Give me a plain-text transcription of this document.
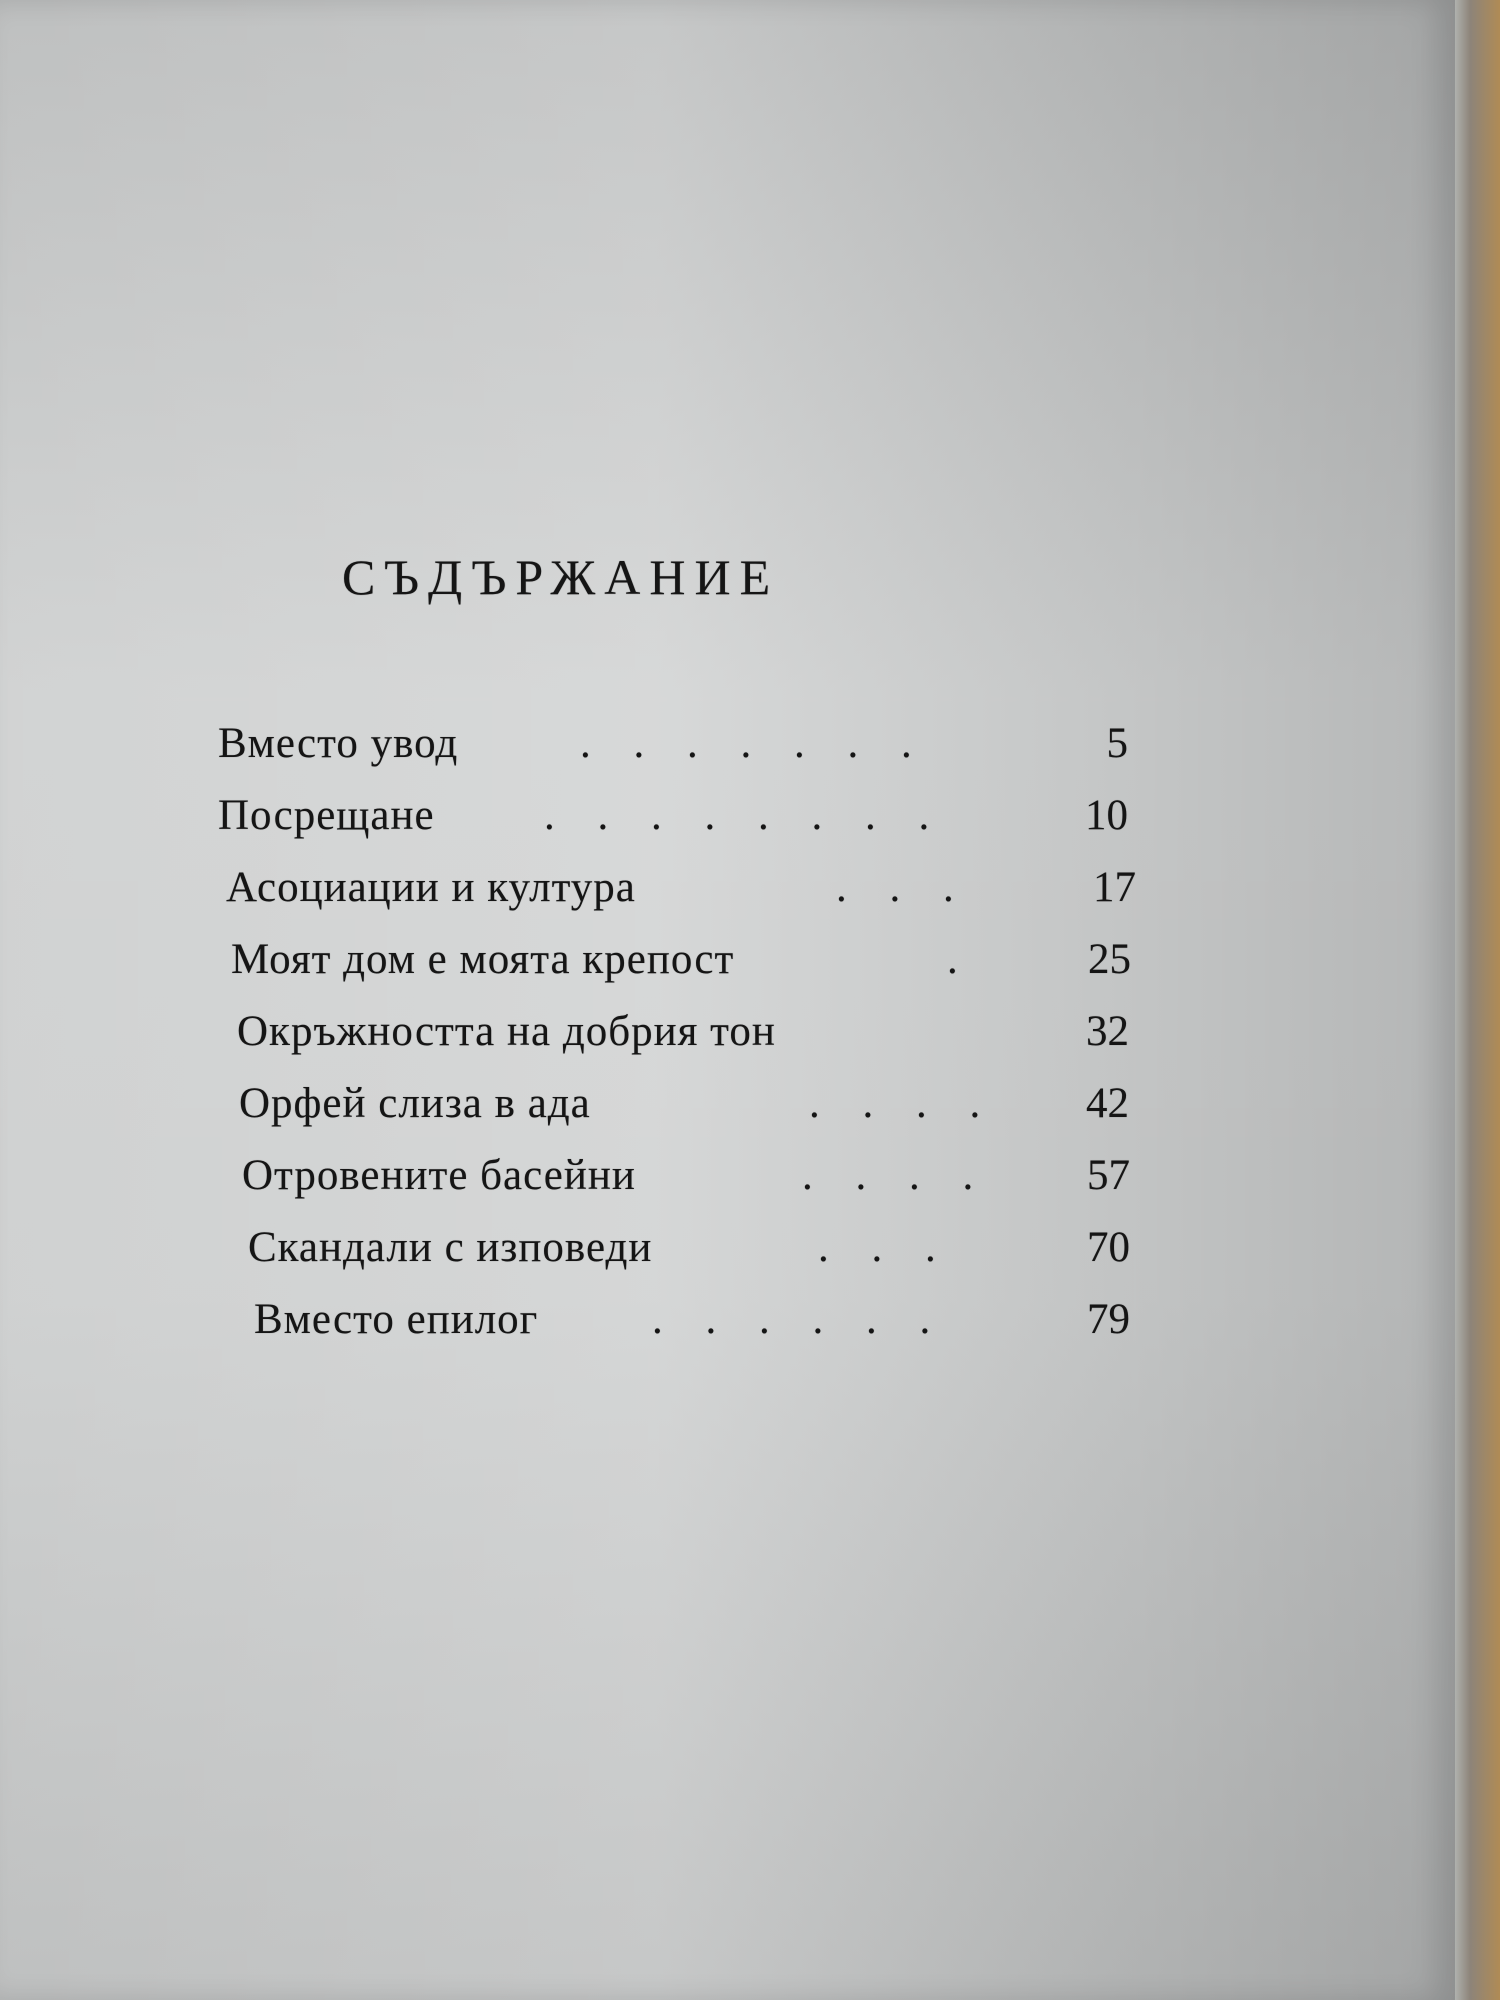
СЪДЪРЖАНИЕ
Вместо увод	. . . . . . .	5
Посрещане	. . . . . . . .	10
Асоциации и култура	. . .	17
Моят дом е моята крепост	.	25
Окръжността на добрия тон	32
Орфей слиза в ада	. . . .	42
Отровените басейни	. . . .	57
Скандали с изповеди	. . .	70
Вместо епилог	. . . . . .	79
